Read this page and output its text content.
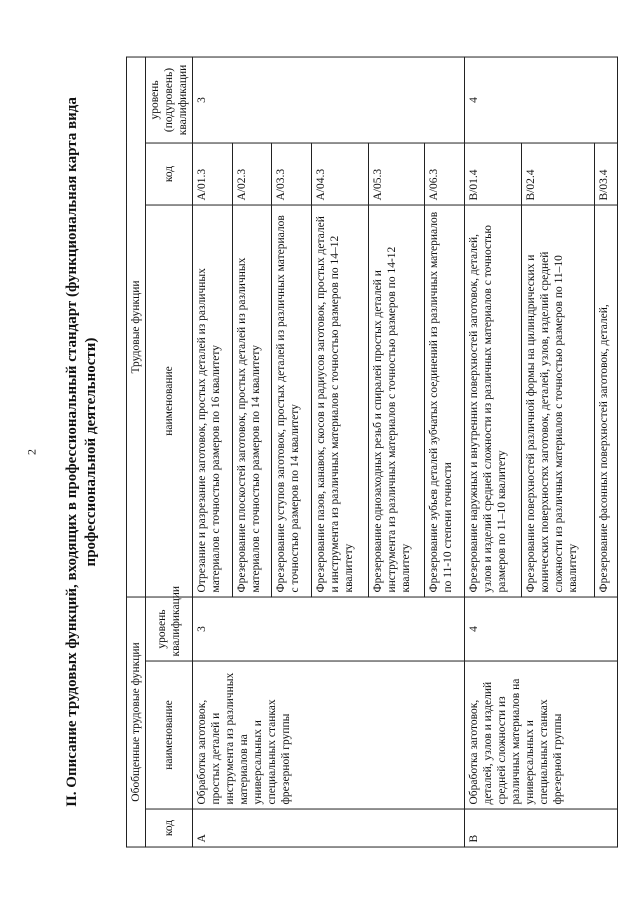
2 II. Описание трудовых функций, входящих в профессиональный стандарт (функциональная карта вида профессиональной деятельности)
Обобщенные трудовые функции			Трудовые функции		
код	наименование	уровень квалификации	наименование	код	уровень (подуровень) квалификации
A	Обработка заготовок, простых деталей и инструмента из различных материалов на универсальных и специальных станках фрезерной группы	3	Отрезание и разрезание заготовок, простых деталей из различных материалов с точностью размеров по 16 квалитету	A/01.3	3
			Фрезерование плоскостей заготовок, простых деталей из различных материалов с точностью размеров по 14 квалитету	A/02.3	
			Фрезерование уступов заготовок, простых деталей из различных материалов с точностью размеров по 14 квалитету	A/03.3	
			Фрезерование пазов, канавок, скосов и радиусов заготовок, простых деталей и инструмента из различных материалов с точностью размеров по 14–12 квалитету	A/04.3	
			Фрезерование однозаходных резьб и спиралей простых деталей и инструмента из различных материалов с точностью размеров по 14-12 квалитету	A/05.3	
			Фрезерование зубьев деталей зубчатых соединений из различных материалов по 11-10 степени точности	A/06.3	
B	Обработка заготовок, деталей, узлов и изделий средней сложности из различных материалов на универсальных и специальных станках фрезерной группы	4	Фрезерование наружных и внутренних поверхностей заготовок, деталей, узлов и изделий средней сложности из различных материалов с точностью размеров по 11–10 квалитету	B/01.4	4
			Фрезерование поверхностей различной формы на цилиндрических и конических поверхностях заготовок, деталей, узлов, изделий средней сложности из различных материалов с точностью размеров по 11–10 квалитету	B/02.4	
			Фрезерование фасонных поверхностей заготовок, деталей,	B/03.4	
